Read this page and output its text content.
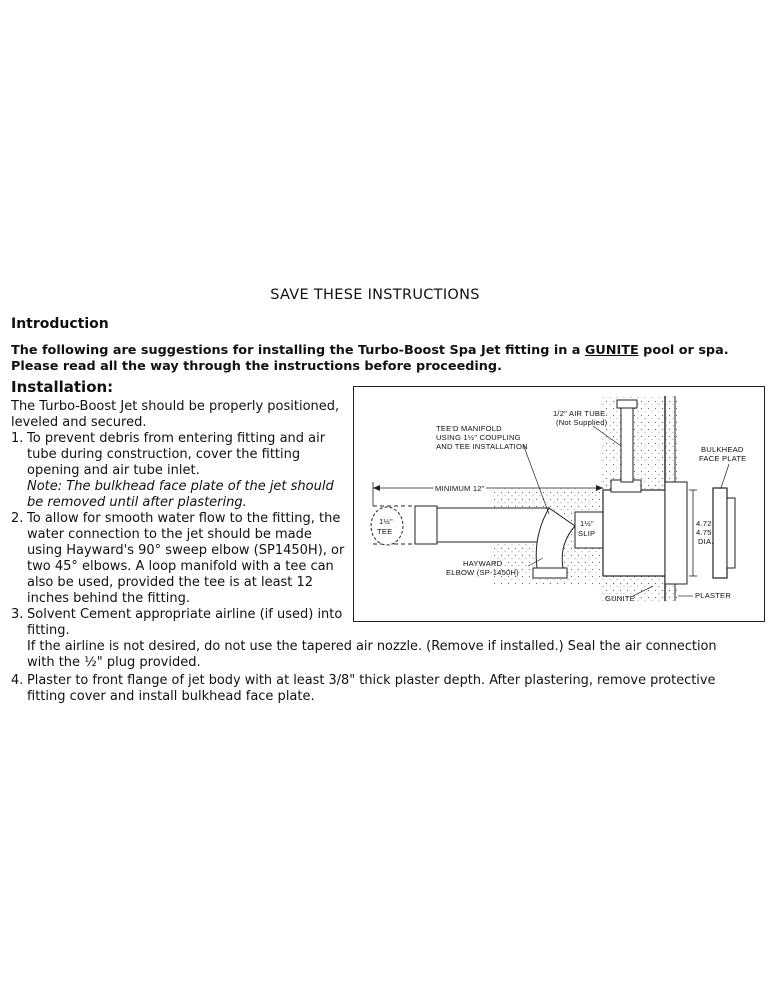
SAVE THESE INSTRUCTIONS
Introduction
The following are suggestions for installing the Turbo-Boost Spa Jet fitting in a GUNITE pool or spa. Please read all the way through the instructions before proceeding.
Installation:
The Turbo-Boost Jet should be properly positioned,
leveled and secured.
1. To prevent debris from entering fitting and air
tube during construction, cover the fitting
opening and air tube inlet.
Note: The bulkhead face plate of the jet should
be removed until after plastering.
2. To allow for smooth water flow to the fitting, the
water connection to the jet should be made
using Hayward's 90° sweep elbow (SP1450H), or
two 45° elbows. A loop manifold with a tee can
also be used, provided the tee is at least 12
inches behind the fitting.
3. Solvent Cement appropriate airline (if used) into
fitting.
If the airline is not desired, do not use the tapered air nozzle. (Remove if installed.) Seal the air connection
with the ½" plug provided.
4. Plaster to front flange of jet body with at least 3/8" thick plaster depth. After plastering, remove protective
fitting cover and install bulkhead face plate.
1/2" AIR TUBE
(Not Supplied)
TEE'D MANIFOLD
USING 1½" COUPLING
AND TEE INSTALLATION	BULKHEAD
FACE PLATE
MINIMUM 12"
1½"
TEE
1½"
SLIP
4.72
4.75
DIA.
HAYWARD
ELBOW (SP-1450H)
GUNITE	PLASTER
